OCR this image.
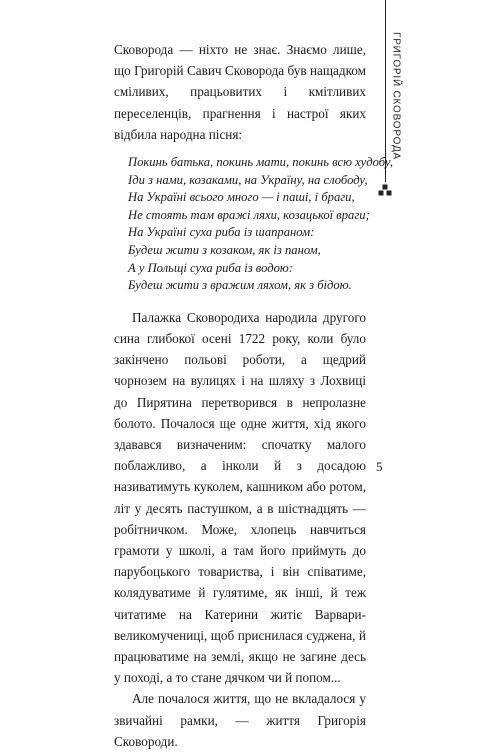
ГРИГОРІЙ СКОВОРОДА

Сковорода — ніхто не знає. Знаємо лише, що Григорій Савич Сковорода був нащадком сміливих, працьовитих і кмітливих переселенців, прагнення і настрої яких відбила народна пісня:

Покинь батька, покинь мати, покинь всю худобу,
Іди з нами, козаками, на Україну, на слободу,
На Україні всього много — і паші, і браги,
Не стоять там вражі ляхи, козацької враги;
На Україні суха риба із шапраном:
Будеш жити з козаком, як із паном,
А у Польщі суха риба із водою:
Будеш жити з вражим ляхом, як з бідою.

Палажка Сковородиха народила другого сина глибокої осені 1722 року, коли було закінчено польові роботи, а щедрий чорнозем на вулицях і на шляху з Лохвиці до Пирятина перетворився в непролазне болото. Почалося ще одне життя, хід якого здавався визначеним: спочатку малого поблажливо, а інколи й з досадою називатимуть куколем, кашником або ротом, літ у десять пастушком, а в шістнадцять — робітничком. Може, хлопець навчиться грамоти у школі, а там його приймуть до парубоцького товариства, і він співатиме, колядуватиме й гулятиме, як інші, й теж читатиме на Катерини житіє Варвари-великомучениці, щоб приснилася суджена, й працюватиме на землі, якщо не загине десь у поході, а то стане дячком чи й попом...

Але почалося життя, що не вкладалося у звичайні рамки, — життя Григорія Сковороди.

5
